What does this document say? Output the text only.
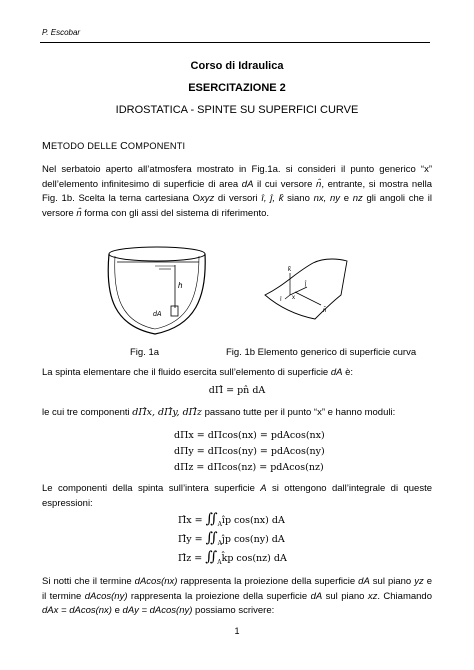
P. Escobar
Corso di Idraulica
ESERCITAZIONE 2
IDROSTATICA - SPINTE SU SUPERFICI CURVE
METODO DELLE COMPONENTI
Nel serbatoio aperto all’atmosfera mostrato in Fig.1a. si consideri il punto generico “x” dell’elemento infinitesimo di superficie di area dA il cui versore n̂, entrante, si mostra nella Fig. 1b. Scelta la terna cartesiana Oxyz di versori î, ĵ, k̂ siano nx, ny e nz gli angoli che il versore n̂ forma con gli assi del sistema di riferimento.
h
dA
k̂
î
ĵ
x
n̂
Fig. 1a	Fig. 1b Elemento generico di superficie curva
La spinta elementare che il fluido esercita sull’elemento di superficie dA è:
dΠ̂ = pn̂ dA
le cui tre componenti dΠ̂x, dΠ̂y, dΠ̂z passano tutte per il punto “x” e hanno moduli:
dΠx = dΠcos(nx) = pdAcos(nx)
dΠy = dΠcos(ny) = pdAcos(ny)
dΠz = dΠcos(nz) = pdAcos(nz)
Le componenti della spinta sull’intera superficie A si ottengono dall’integrale di queste espressioni:
Π̂x = $∬_Aîp$ cos(nx) dA
Π̂y = $∬_Aĵp$ cos(ny) dA
Π̂z = $∬_Ak̂p$ cos(nz) dA
Si notti che il termine dAcos(nx) rappresenta la proiezione della superficie dA sul piano yz e il termine dAcos(ny) rappresenta la proiezione della superficie dA sul piano xz. Chiamando dAx = dAcos(nx) e dAy = dAcos(ny) possiamo scrivere:
1
